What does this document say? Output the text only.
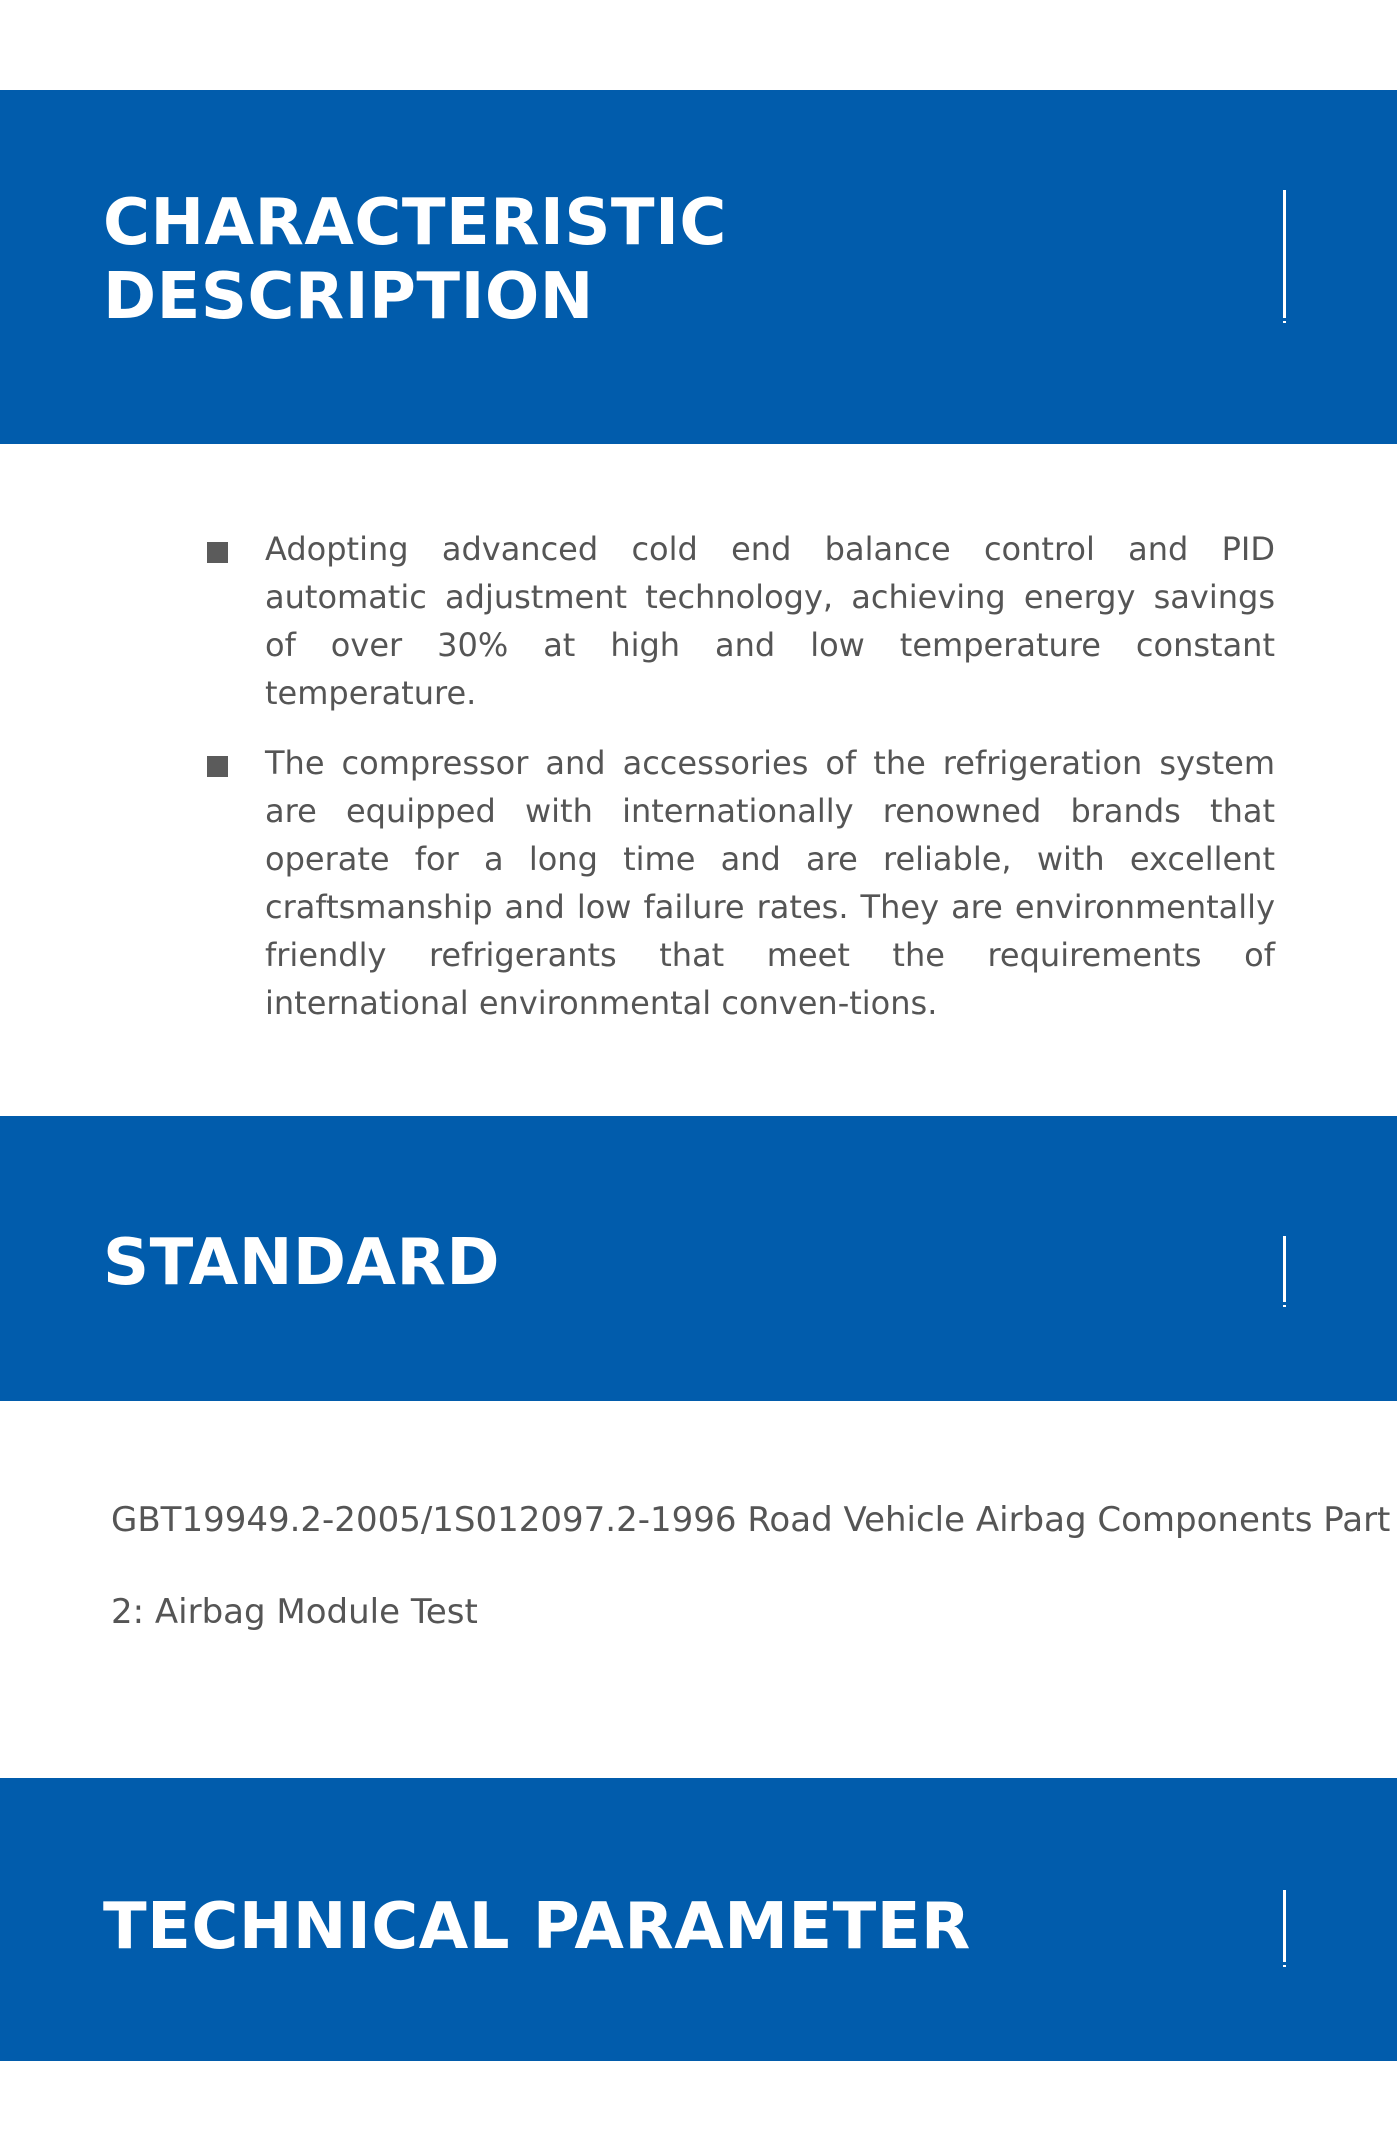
CHARACTERISTIC
DESCRIPTION
Adopting advanced cold end balance control and PID automatic adjustment technology, achieving energy savings of over 30% at high and low temperature constant temperature.
The compressor and accessories of the refrigeration system are equipped with internationally renowned brands that operate for a long time and are reliable, with excellent craftsmanship and low failure rates. They are environmentally friendly refrigerants that meet the requirements of international environmental conven-tions.
STANDARD

GBT19949.2-2005/1S012097.2-1996 Road Vehicle Airbag Components Part

2: Airbag Module Test

TECHNICAL PARAMETER
